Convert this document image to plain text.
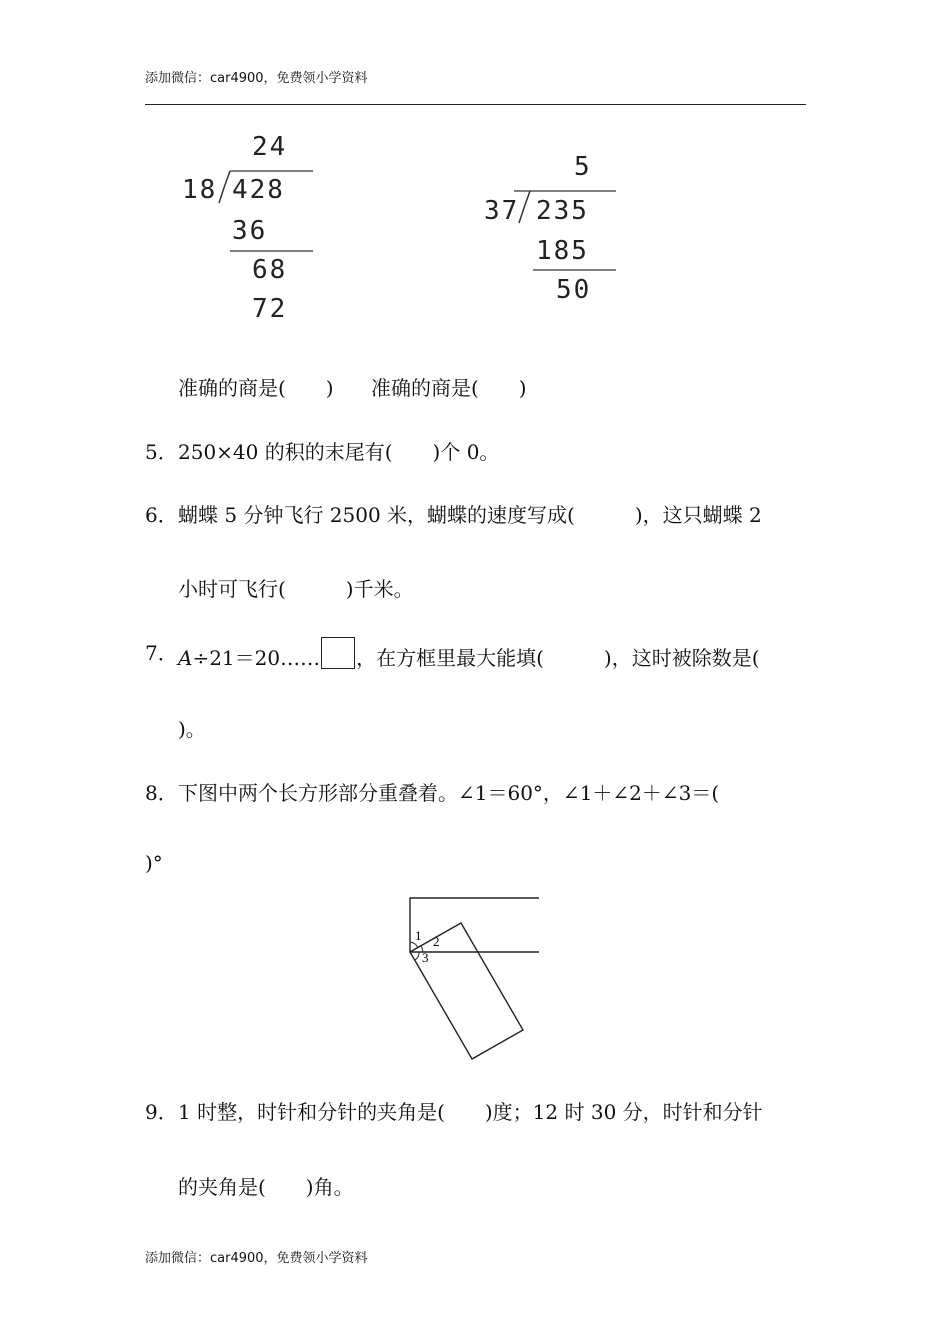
添加微信：car4900，免费领小学资料
24
18 428
36
68
72
5
37 235
185
50
准确的商是(　　) 准确的商是(　　)
5． 250×40 的积的末尾有(　　)个 0。
6． 蝴蝶 5 分钟飞行 2500 米，蝴蝶的速度写成(　　　)，这只蝴蝶 2
小时可飞行(　　　)千米。
7． A÷21＝20…… ，在方框里最大能填(　　　)，这时被除数是(
)。
8． 下图中两个长方形部分重叠着。∠1＝60°，∠1＋∠2＋∠3＝(
)°
1 2
3
9． 1 时整，时针和分针的夹角是(　　)度；12 时 30 分，时针和分针
的夹角是(　　)角。
添加微信：car4900，免费领小学资料
